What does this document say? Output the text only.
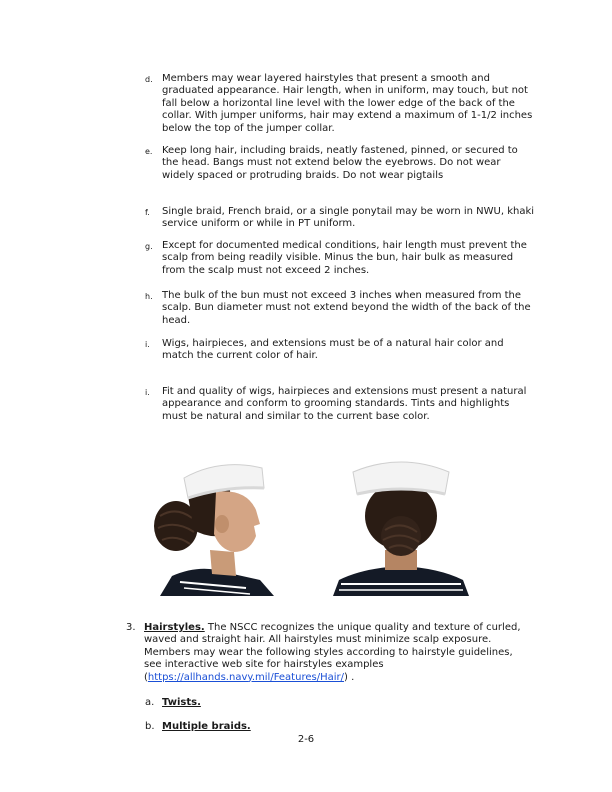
d. Members may wear layered hairstyles that present a smooth and graduated appearance. Hair length, when in uniform, may touch, but not fall below a horizontal line level with the lower edge of the back of the collar. With jumper uniforms, hair may extend a maximum of 1-1/2 inches below the top of the jumper collar.
e. Keep long hair, including braids, neatly fastened, pinned, or secured to the head. Bangs must not extend below the eyebrows. Do not wear widely spaced or protruding braids. Do not wear pigtails
f. Single braid, French braid, or a single ponytail may be worn in NWU, khaki service uniform or while in PT uniform.
g. Except for documented medical conditions, hair length must prevent the scalp from being readily visible. Minus the bun, hair bulk as measured from the scalp must not exceed 2 inches.
h. The bulk of the bun must not exceed 3 inches when measured from the scalp. Bun diameter must not extend beyond the width of the back of the head.
i. Wigs, hairpieces, and extensions must be of a natural hair color and match the current color of hair.
i. Fit and quality of wigs, hairpieces and extensions must present a natural appearance and conform to grooming standards. Tints and highlights must be natural and similar to the current base color.
3. Hairstyles. The NSCC recognizes the unique quality and texture of curled, waved and straight hair. All hairstyles must minimize scalp exposure. Members may wear the following styles according to hairstyle guidelines, see interactive web site for hairstyles examples (https://allhands.navy.mil/Features/Hair/) .
a. Twists.
b. Multiple braids.
2-6
